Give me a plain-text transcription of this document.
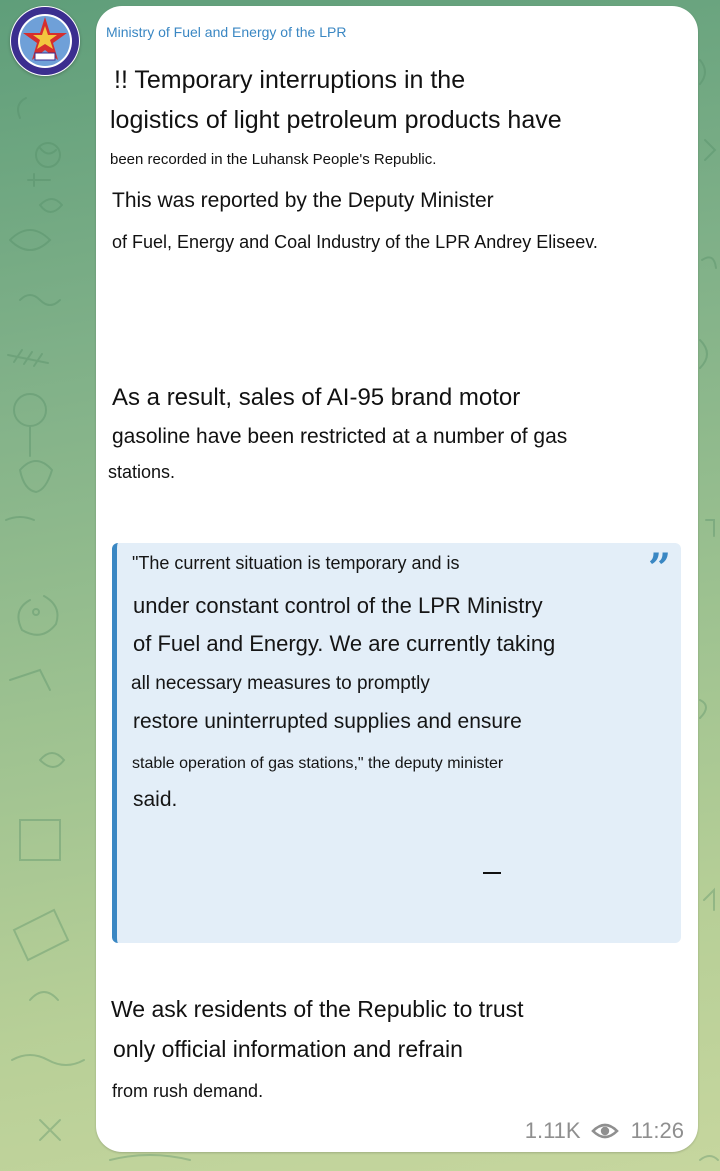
Ministry of Fuel and Energy of the LPR
!! Temporary interruptions in the
logistics of light petroleum products have
been recorded in the Luhansk People's Republic.
This was reported by the Deputy Minister
of Fuel, Energy and Coal Industry of the LPR Andrey Eliseev.
As a result, sales of AI-95 brand motor
gasoline have been restricted at a number of gas
stations.
”
"The current situation is temporary and is
under constant control of the LPR Ministry
of Fuel and Energy. We are currently taking
all necessary measures to promptly
restore uninterrupted supplies and ensure
stable operation of gas stations," the deputy minister
said.
We ask residents of the Republic to trust
only official information and refrain
from rush demand.
1.11K 11:26
